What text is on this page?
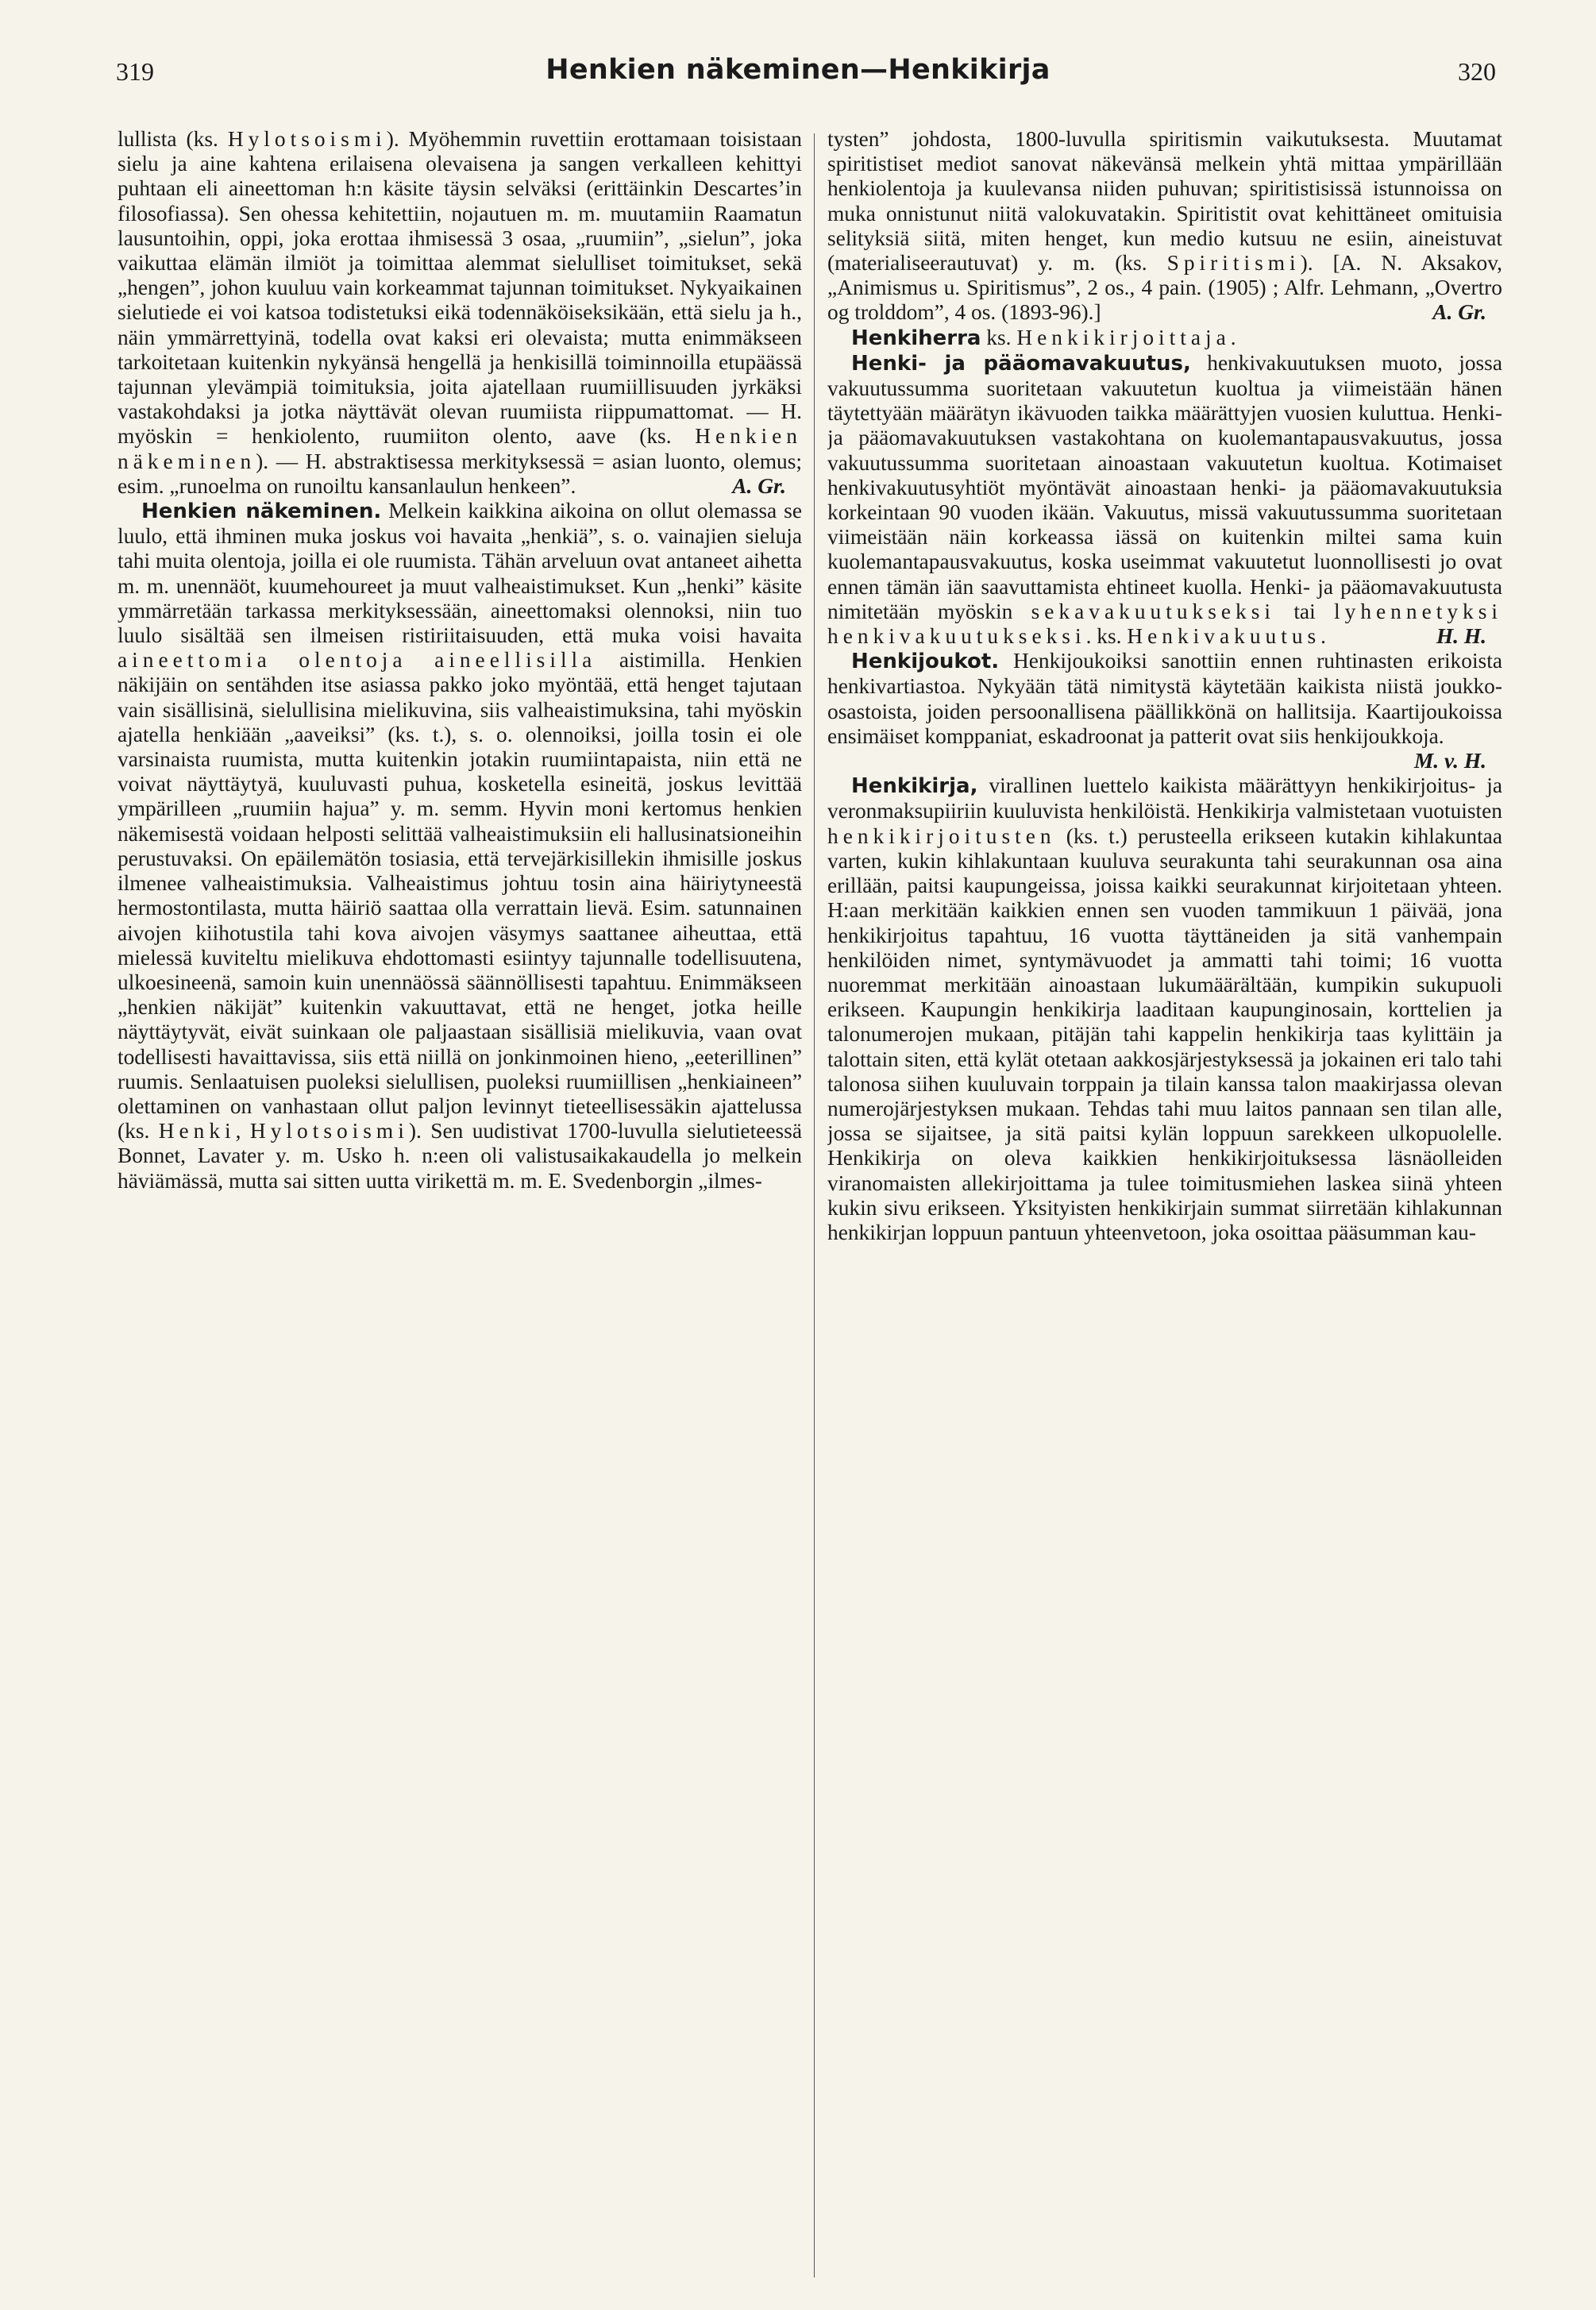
319	Henkien näkeminen—Henkikirja	320

lullista (ks. Hylotsoismi). Myöhemmin ruvettiin erottamaan toisistaan sielu ja aine kahtena erilaisena olevaisena ja sangen verkalleen kehittyi puhtaan eli aineettoman h:n käsite täysin selväksi (erittäinkin Descartes’in filosofiassa). Sen ohessa kehitettiin, nojautuen m. m. muutamiin Raamatun lausuntoihin, oppi, joka erottaa ihmisessä 3 osaa, „ruumiin”, „sielun”, joka vaikuttaa elämän ilmiöt ja toimittaa alemmat sielulliset toimitukset, sekä „hengen”, johon kuuluu vain korkeammat tajunnan toimitukset. Nykyaikainen sielutiede ei voi katsoa todistetuksi eikä todennäköiseksikään, että sielu ja h., näin ymmärrettyinä, todella ovat kaksi eri olevaista; mutta enimmäkseen tarkoitetaan kuitenkin nykyänsä hengellä ja henkisillä toiminnoilla etupäässä tajunnan ylevämpiä toimituksia, joita ajatellaan ruumiillisuuden jyrkäksi vastakohdaksi ja jotka näyttävät olevan ruumiista riippumattomat. — H. myöskin = henkiolento, ruumiiton olento, aave (ks. Henkien näkeminen). — H. abstraktisessa merkityksessä = asian luonto, olemus; esim. „runoelma on runoiltu kansanlaulun henkeen”.	A. Gr.

Henkien näkeminen. Melkein kaikkina aikoina on ollut olemassa se luulo, että ihminen muka joskus voi havaita „henkiä”, s. o. vainajien sieluja tahi muita olentoja, joilla ei ole ruumista. Tähän arveluun ovat antaneet aihetta m. m. unennäöt, kuumehoureet ja muut valheaistimukset. Kun „henki” käsite ymmärretään tarkassa merkityksessään, aineettomaksi olennoksi, niin tuo luulo sisältää sen ilmeisen ristiriitaisuuden, että muka voisi havaita aineettomia olentoja aineellisilla aistimilla. Henkien näkijäin on sentähden itse asiassa pakko joko myöntää, että henget tajutaan vain sisällisinä, sielullisina mielikuvina, siis valheaistimuksina, tahi myöskin ajatella henkiään „aaveiksi” (ks. t.), s. o. olennoiksi, joilla tosin ei ole varsinaista ruumista, mutta kuitenkin jotakin ruumiintapaista, niin että ne voivat näyttäytyä, kuuluvasti puhua, kosketella esineitä, joskus levittää ympärilleen „ruumiin hajua” y. m. semm. Hyvin moni kertomus henkien näkemisestä voidaan helposti selittää valheaistimuksiin eli hallusinatsioneihin perustuvaksi. On epäilemätön tosiasia, että tervejärkisillekin ihmisille joskus ilmenee valheaistimuksia. Valheaistimus johtuu tosin aina häiriytyneestä hermostontilasta, mutta häiriö saattaa olla verrattain lievä. Esim. satunnainen aivojen kiihotustila tahi kova aivojen väsymys saattanee aiheuttaa, että mielessä kuviteltu mielikuva ehdottomasti esiintyy tajunnalle todellisuutena, ulkoesineenä, samoin kuin unennäössä säännöllisesti tapahtuu. Enimmäkseen „henkien näkijät” kuitenkin vakuuttavat, että ne henget, jotka heille näyttäytyvät, eivät suinkaan ole paljaastaan sisällisiä mielikuvia, vaan ovat todellisesti havaittavissa, siis että niillä on jonkinmoinen hieno, „eeterillinen” ruumis. Senlaatuisen puoleksi sielullisen, puoleksi ruumiillisen „henkiaineen” olettaminen on vanhastaan ollut paljon levinnyt tieteellisessäkin ajattelussa (ks. Henki, Hylotsoismi). Sen uudistivat 1700-luvulla sielutieteessä Bonnet, Lavater y. m. Usko h. n:een oli valistusaikakaudella jo melkein häviämässä, mutta sai sitten uutta virikettä m. m. E. Svedenborgin „ilmes-

tysten” johdosta, 1800-luvulla spiritismin vaikutuksesta. Muutamat spiritistiset mediot sanovat näkevänsä melkein yhtä mittaa ympärillään henkiolentoja ja kuulevansa niiden puhuvan; spiritistisissä istunnoissa on muka onnistunut niitä valokuvatakin. Spiritistit ovat kehittäneet omituisia selityksiä siitä, miten henget, kun medio kutsuu ne esiin, aineistuvat (materialiseerautuvat) y. m. (ks. Spiritismi). [A. N. Aksakov, „Animismus u. Spiritismus”, 2 os., 4 pain. (1905) ; Alfr. Lehmann, „Overtro og trolddom”, 4 os. (1893-96).]	A. Gr.

Henkiherra ks. Henkikirjoittaja.

Henki- ja pääomavakuutus, henkivakuutuksen muoto, jossa vakuutussumma suoritetaan vakuutetun kuoltua ja viimeistään hänen täytettyään määrätyn ikävuoden taikka määrättyjen vuosien kuluttua. Henki- ja pääomavakuutuksen vastakohtana on kuolemantapausvakuutus, jossa vakuutussumma suoritetaan ainoastaan vakuutetun kuoltua. Kotimaiset henkivakuutusyhtiöt myöntävät ainoastaan henki- ja pääomavakuutuksia korkeintaan 90 vuoden ikään. Vakuutus, missä vakuutussumma suoritetaan viimeistään näin korkeassa iässä on kuitenkin miltei sama kuin kuolemantapausvakuutus, koska useimmat vakuutetut luonnollisesti jo ovat ennen tämän iän saavuttamista ehtineet kuolla. Henki- ja pääomavakuutusta nimitetään myöskin sekavakuutukseksi tai lyhennetyksi henkivakuutukseksi. ks. Henkivakuutus.	H. H.

Henkijoukot. Henkijoukoiksi sanottiin ennen ruhtinasten erikoista henkivartiastoa. Nykyään tätä nimitystä käytetään kaikista niistä joukko-osastoista, joiden persoonallisena päällikkönä on hallitsija. Kaartijoukoissa ensimäiset komppaniat, eskadroonat ja patterit ovat siis henkijoukkoja.
M. v. H.

Henkikirja, virallinen luettelo kaikista määrättyyn henkikirjoitus- ja veronmaksupiiriin kuuluvista henkilöistä. Henkikirja valmistetaan vuotuisten henkikirjoitusten (ks. t.) perusteella erikseen kutakin kihlakuntaa varten, kukin kihlakuntaan kuuluva seurakunta tahi seurakunnan osa aina erillään, paitsi kaupungeissa, joissa kaikki seurakunnat kirjoitetaan yhteen. H:aan merkitään kaikkien ennen sen vuoden tammikuun 1 päivää, jona henkikirjoitus tapahtuu, 16 vuotta täyttäneiden ja sitä vanhempain henkilöiden nimet, syntymävuodet ja ammatti tahi toimi; 16 vuotta nuoremmat merkitään ainoastaan lukumäärältään, kumpikin sukupuoli erikseen. Kaupungin henkikirja laaditaan kaupunginosain, korttelien ja talonumerojen mukaan, pitäjän tahi kappelin henkikirja taas kylittäin ja talottain siten, että kylät otetaan aakkosjärjestyksessä ja jokainen eri talo tahi talonosa siihen kuuluvain torppain ja tilain kanssa talon maakirjassa olevan numerojärjestyksen mukaan. Tehdas tahi muu laitos pannaan sen tilan alle, jossa se sijaitsee, ja sitä paitsi kylän loppuun sarekkeen ulkopuolelle. Henkikirja on oleva kaikkien henkikirjoituksessa läsnäolleiden viranomaisten allekirjoittama ja tulee toimitusmiehen laskea siinä yhteen kukin sivu erikseen. Yksityisten henkikirjain summat siirretään kihlakunnan henkikirjan loppuun pantuun yhteenvetoon, joka osoittaa pääsumman kau-
